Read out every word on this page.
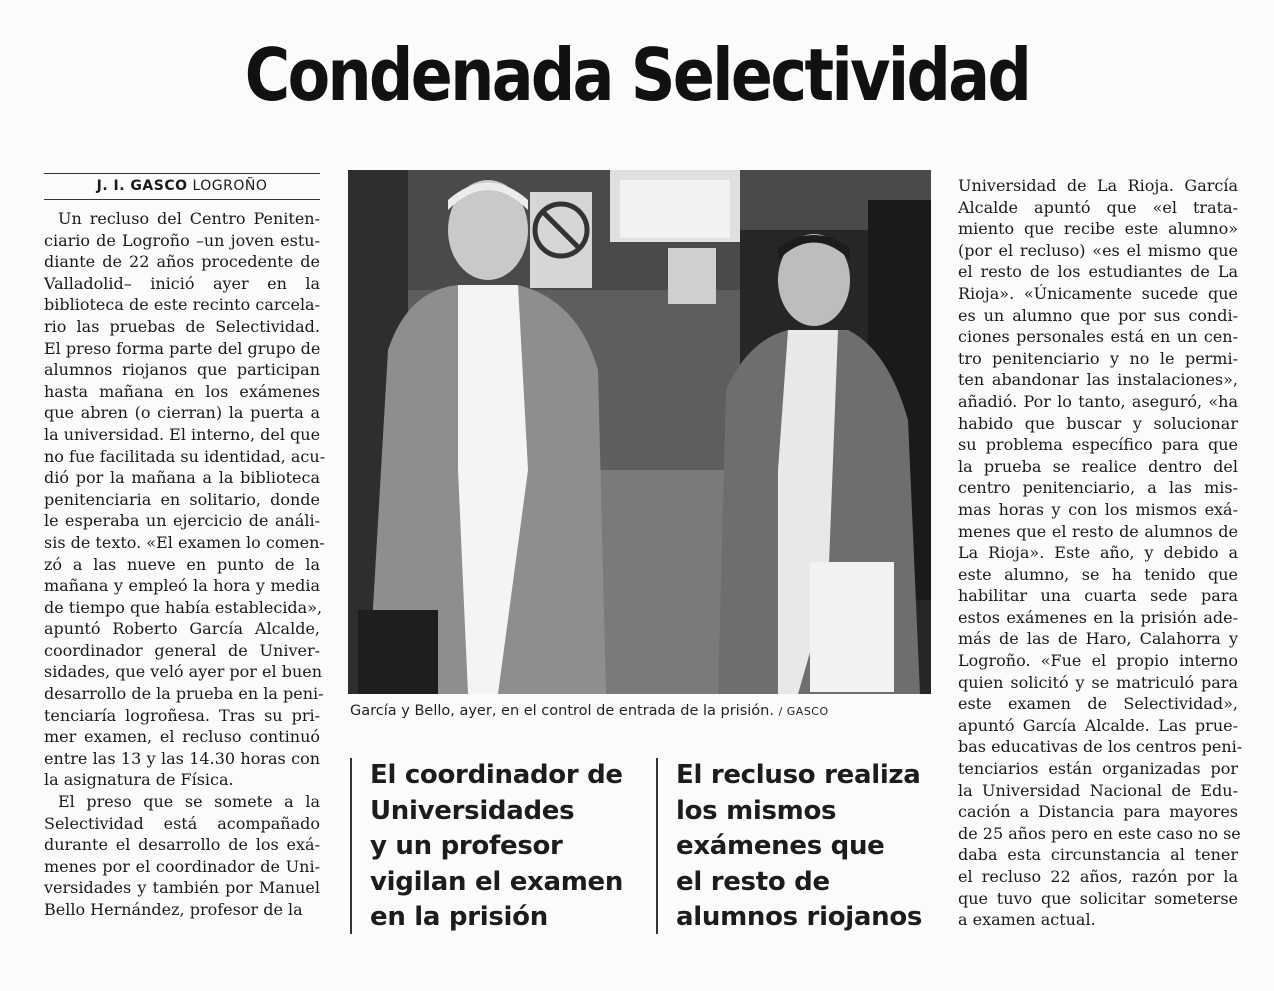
Condenada Selectividad
J. I. GASCO LOGROÑO

Un recluso del Centro Peniten-
ciario de Logroño –un joven estu-
diante de 22 años procedente de
Valladolid– inició ayer en la
biblioteca de este recinto carcela-
rio las pruebas de Selectividad.
El preso forma parte del grupo de
alumnos riojanos que participan
hasta mañana en los exámenes
que abren (o cierran) la puerta a
la universidad. El interno, del que
no fue facilitada su identidad, acu-
dió por la mañana a la biblioteca
penitenciaria en solitario, donde
le esperaba un ejercicio de análi-
sis de texto. «El examen lo comen-
zó a las nueve en punto de la
mañana y empleó la hora y media
de tiempo que había establecida»,
apuntó Roberto García Alcalde,
coordinador general de Univer-
sidades, que veló ayer por el buen
desarrollo de la prueba en la peni-
tenciaría logroñesa. Tras su pri-
mer examen, el recluso continuó
entre las 13 y las 14.30 horas con
la asignatura de Física.

El preso que se somete a la
Selectividad está acompañado
durante el desarrollo de los exá-
menes por el coordinador de Uni-
versidades y también por Manuel
Bello Hernández, profesor de la

García y Bello, ayer, en el control de entrada de la prisión. / GASCO
El coordinador de
Universidades
y un profesor
vigilan el examen
en la prisión
El recluso realiza
los mismos
exámenes que
el resto de
alumnos riojanos

Universidad de La Rioja. García
Alcalde apuntó que «el trata-
miento que recibe este alumno»
(por el recluso) «es el mismo que
el resto de los estudiantes de La
Rioja». «Únicamente sucede que
es un alumno que por sus condi-
ciones personales está en un cen-
tro penitenciario y no le permi-
ten abandonar las instalaciones»,
añadió. Por lo tanto, aseguró, «ha
habido que buscar y solucionar
su problema específico para que
la prueba se realice dentro del
centro penitenciario, a las mis-
mas horas y con los mismos exá-
menes que el resto de alumnos de
La Rioja». Este año, y debido a
este alumno, se ha tenido que
habilitar una cuarta sede para
estos exámenes en la prisión ade-
más de las de Haro, Calahorra y
Logroño. «Fue el propio interno
quien solicitó y se matriculó para
este examen de Selectividad»,
apuntó García Alcalde. Las prue-
bas educativas de los centros peni-
tenciarios están organizadas por
la Universidad Nacional de Edu-
cación a Distancia para mayores
de 25 años pero en este caso no se
daba esta circunstancia al tener
el recluso 22 años, razón por la
que tuvo que solicitar someterse
a examen actual.
